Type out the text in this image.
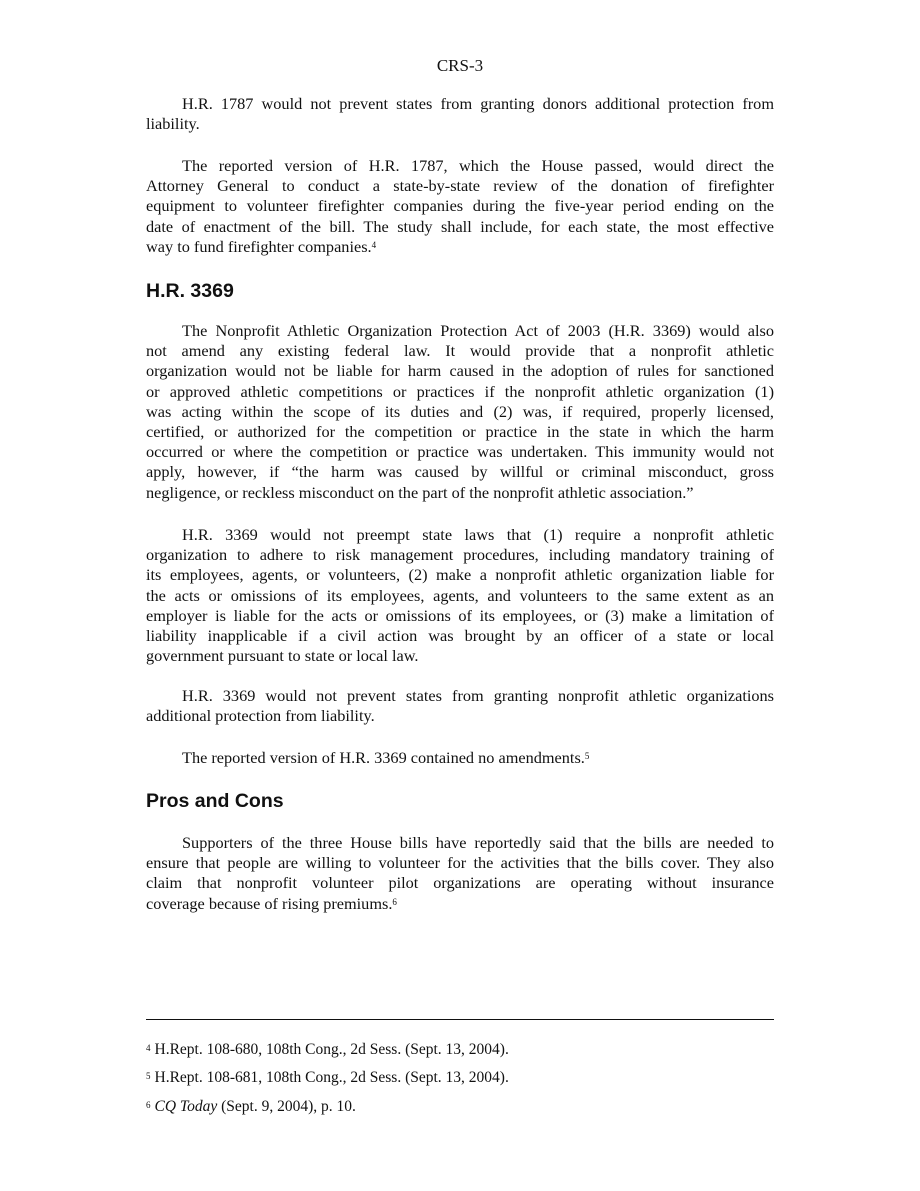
CRS-3
H.R. 1787 would not prevent states from granting donors additional protection from
liability.
The reported version of H.R. 1787, which the House passed, would direct the
Attorney General to conduct a state-by-state review of the donation of firefighter
equipment to volunteer firefighter companies during the five-year period ending on the
date of enactment of the bill. The study shall include, for each state, the most effective
way to fund firefighter companies.$^4$
H.R. 3369
The Nonprofit Athletic Organization Protection Act of 2003 (H.R. 3369) would also
not amend any existing federal law. It would provide that a nonprofit athletic
organization would not be liable for harm caused in the adoption of rules for sanctioned
or approved athletic competitions or practices if the nonprofit athletic organization (1)
was acting within the scope of its duties and (2) was, if required, properly licensed,
certified, or authorized for the competition or practice in the state in which the harm
occurred or where the competition or practice was undertaken. This immunity would not
apply, however, if “the harm was caused by willful or criminal misconduct, gross
negligence, or reckless misconduct on the part of the nonprofit athletic association.”
H.R. 3369 would not preempt state laws that (1) require a nonprofit athletic
organization to adhere to risk management procedures, including mandatory training of
its employees, agents, or volunteers, (2) make a nonprofit athletic organization liable for
the acts or omissions of its employees, agents, and volunteers to the same extent as an
employer is liable for the acts or omissions of its employees, or (3) make a limitation of
liability inapplicable if a civil action was brought by an officer of a state or local
government pursuant to state or local law.
H.R. 3369 would not prevent states from granting nonprofit athletic organizations
additional protection from liability.
The reported version of H.R. 3369 contained no amendments.$^5$
Pros and Cons
Supporters of the three House bills have reportedly said that the bills are needed to
ensure that people are willing to volunteer for the activities that the bills cover. They also
claim that nonprofit volunteer pilot organizations are operating without insurance
coverage because of rising premiums.$^6$
$^4$ H.Rept. 108-680, 108th Cong., 2d Sess. (Sept. 13, 2004).
$^5$ H.Rept. 108-681, 108th Cong., 2d Sess. (Sept. 13, 2004).
$^6$ CQ Today (Sept. 9, 2004), p. 10.
